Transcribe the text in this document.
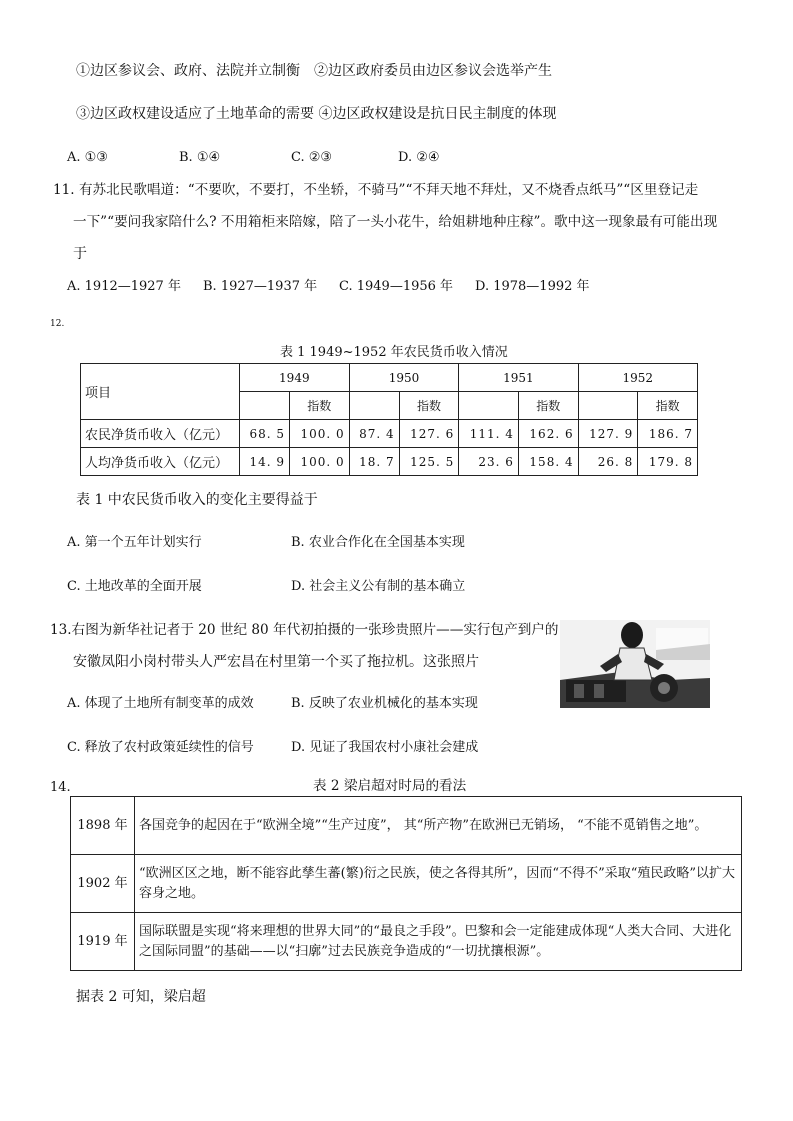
①边区参议会、政府、法院并立制衡　②边区政府委员由边区参议会选举产生
③边区政权建设适应了土地革命的需要 ④边区政权建设是抗日民主制度的体现
A. ①③	B. ①④	C. ②③	D. ②④
11. 有苏北民歌唱道：“不要吹，不要打，不坐轿，不骑马”“不拜天地不拜灶，又不烧香点纸马”“区里登记走
一下”“要问我家陪什么? 不用箱柜来陪嫁，陪了一头小花牛，给姐耕地种庄稼”。歌中这一现象最有可能出现
于
A. 1912—1927 年 B. 1927—1937 年 C. 1949—1956 年 D. 1978—1992 年
12.
表 1 1949~1952 年农民货币收入情况
项目	1949		1950		1951		1952	
		指数		指数		指数		指数
农民净货币收入（亿元）	68. 5	100. 0	87. 4	127. 6	111. 4	162. 6	127. 9	186. 7
人均净货币收入（亿元）	14. 9	100. 0	18. 7	125. 5	23. 6	158. 4	26. 8	179. 8
表 1 中农民货币收入的变化主要得益于
A. 第一个五年计划实行	B. 农业合作化在全国基本实现
C. 土地改革的全面开展	D. 社会主义公有制的基本确立
13.右图为新华社记者于 20 世纪 80 年代初拍摄的一张珍贵照片——实行包产到户的
安徽凤阳小岗村带头人严宏昌在村里第一个买了拖拉机。这张照片
A. 体现了土地所有制变革的成效	B. 反映了农业机械化的基本实现
C. 释放了农村政策延续性的信号	D. 见证了我国农村小康社会建成
14.	表 2 梁启超对时局的看法
1898 年	各国竞争的起因在于“欧洲全境”“生产过度”， 其“所产物”在欧洲已无销场， “不能不觅销售之地”。
1902 年	“欧洲区区之地，断不能容此孳生蕃(繁)衍之民族，使之各得其所”，因而“不得不”采取“殖民政略”以扩大容身之地。
1919 年	国际联盟是实现“将来理想的世界大同”的“最良之手段”。巴黎和会一定能建成体现“人类大合同、大进化之国际同盟”的基础——以“扫廓”过去民族竞争造成的“一切扰攘根源”。
据表 2 可知，梁启超
